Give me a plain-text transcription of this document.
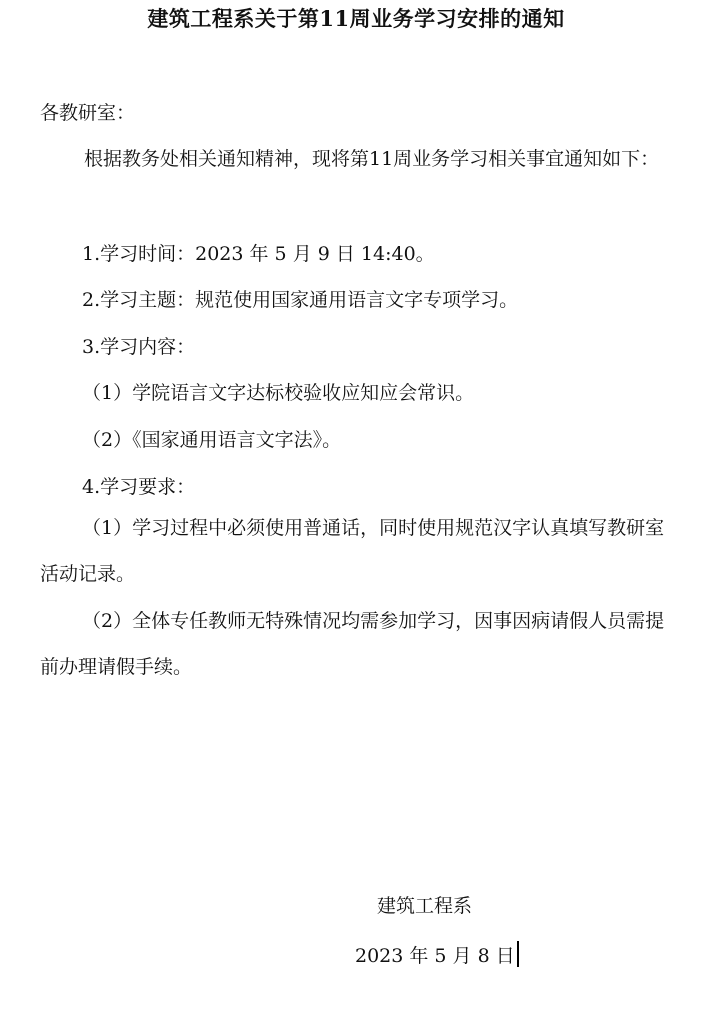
建筑工程系关于第11周业务学习安排的通知

各教研室：

根据教务处相关通知精神，现将第11周业务学习相关事宜通知如下：

1.学习时间：2023 年 5 月 9 日 14:40。

2.学习主题：规范使用国家通用语言文字专项学习。

3.学习内容：

（1）学院语言文字达标校验收应知应会常识。

（2）《国家通用语言文字法》。

4.学习要求：

（1）学习过程中必须使用普通话，同时使用规范汉字认真填写教研室活动记录。

（2）全体专任教师无特殊情况均需参加学习，因事因病请假人员需提前办理请假手续。

建筑工程系
2023 年 5 月 8 日
